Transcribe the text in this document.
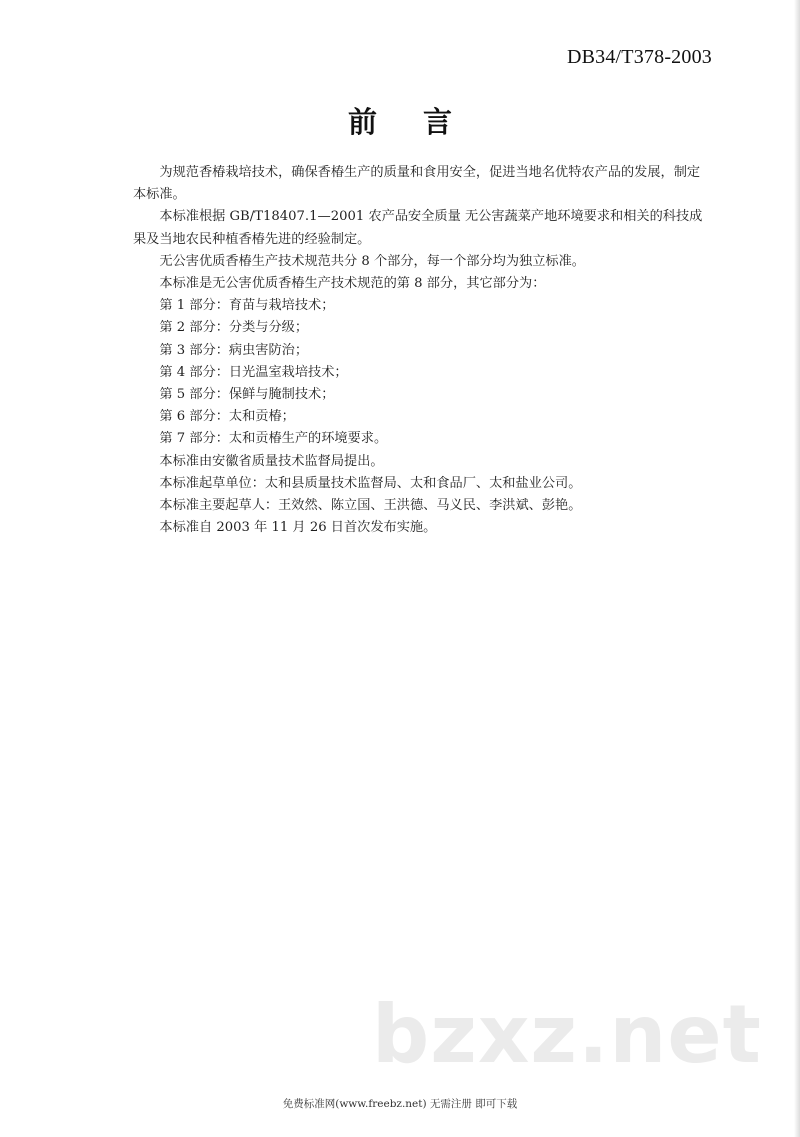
DB34/T378-2003
前 言

为规范香椿栽培技术，确保香椿生产的质量和食用安全，促进当地名优特农产品的发展，制定本标准。

本标准根据 GB/T18407.1—2001 农产品安全质量 无公害蔬菜产地环境要求和相关的科技成果及当地农民种植香椿先进的经验制定。

无公害优质香椿生产技术规范共分 8 个部分，每一个部分均为独立标准。

本标准是无公害优质香椿生产技术规范的第 8 部分，其它部分为：

第 1 部分：育苗与栽培技术；

第 2 部分：分类与分级；

第 3 部分：病虫害防治；

第 4 部分：日光温室栽培技术；

第 5 部分：保鲜与腌制技术；

第 6 部分：太和贡椿；

第 7 部分：太和贡椿生产的环境要求。

本标准由安徽省质量技术监督局提出。

本标准起草单位：太和县质量技术监督局、太和食品厂、太和盐业公司。

本标准主要起草人：王效然、陈立国、王洪德、马义民、李洪斌、彭艳。

本标准自 2003 年 11 月 26 日首次发布实施。

bzxz.net
免费标准网(www.freebz.net) 无需注册 即可下载
